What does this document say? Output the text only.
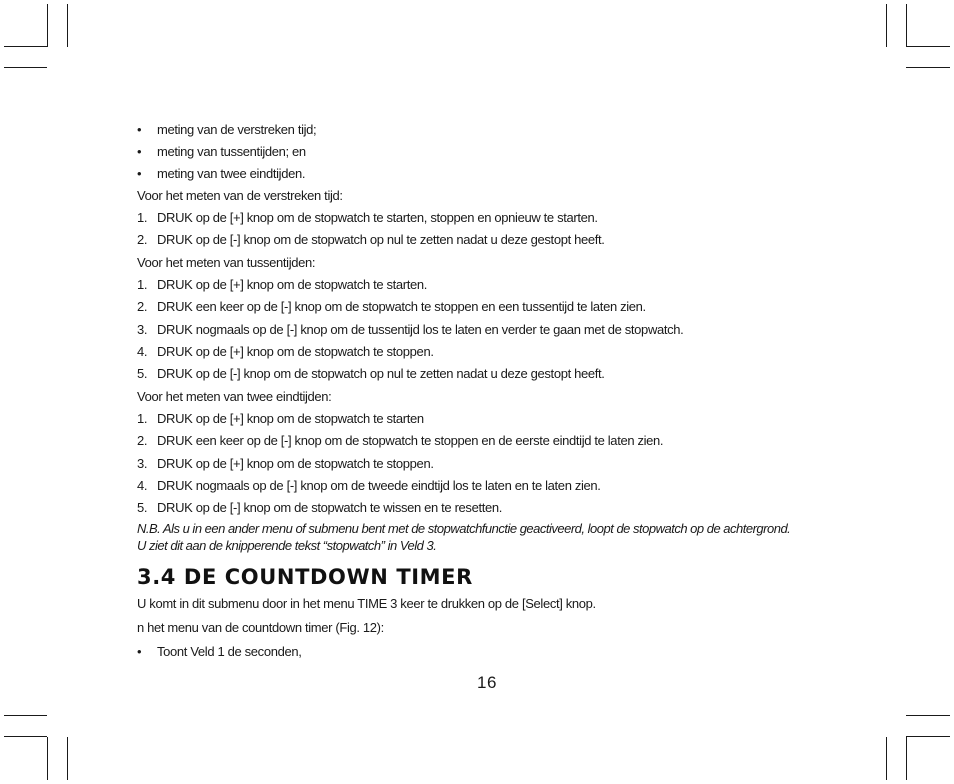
•	meting van de verstreken tijd;
•	meting van tussentijden; en
•	meting van twee eindtijden.
Voor het meten van de verstreken tijd:
1. DRUK op de [+] knop om de stopwatch te starten, stoppen en opnieuw te starten.
2. DRUK op de [-] knop om de stopwatch op nul te zetten nadat u deze gestopt heeft.
Voor het meten van tussentijden:
1. DRUK op de [+] knop om de stopwatch te starten.
2. DRUK een keer op de [-] knop om de stopwatch te stoppen en een tussentijd te laten zien.
3. DRUK nogmaals op de [-] knop om de tussentijd los te laten en verder te gaan met de stopwatch.
4. DRUK op de [+] knop om de stopwatch te stoppen.
5. DRUK op de [-] knop om de stopwatch op nul te zetten nadat u deze gestopt heeft.
Voor het meten van twee eindtijden:
1. DRUK op de [+] knop om de stopwatch te starten
2. DRUK een keer op de [-] knop om de stopwatch te stoppen en de eerste eindtijd te laten zien.
3. DRUK op de [+] knop om de stopwatch te stoppen.
4. DRUK nogmaals op de [-] knop om de tweede eindtijd los te laten en te laten zien.
5. DRUK op de [-] knop om de stopwatch te wissen en te resetten.
N.B. Als u in een ander menu of submenu bent met de stopwatchfunctie geactiveerd, loopt de stopwatch op de achtergrond.
U ziet dit aan de knipperende tekst “stopwatch” in Veld 3.
3.4 DE COUNTDOWN TIMER
U komt in dit submenu door in het menu TIME 3 keer te drukken op de [Select] knop.
n het menu van de countdown timer (Fig. 12):
•	Toont Veld 1 de seconden,
16
